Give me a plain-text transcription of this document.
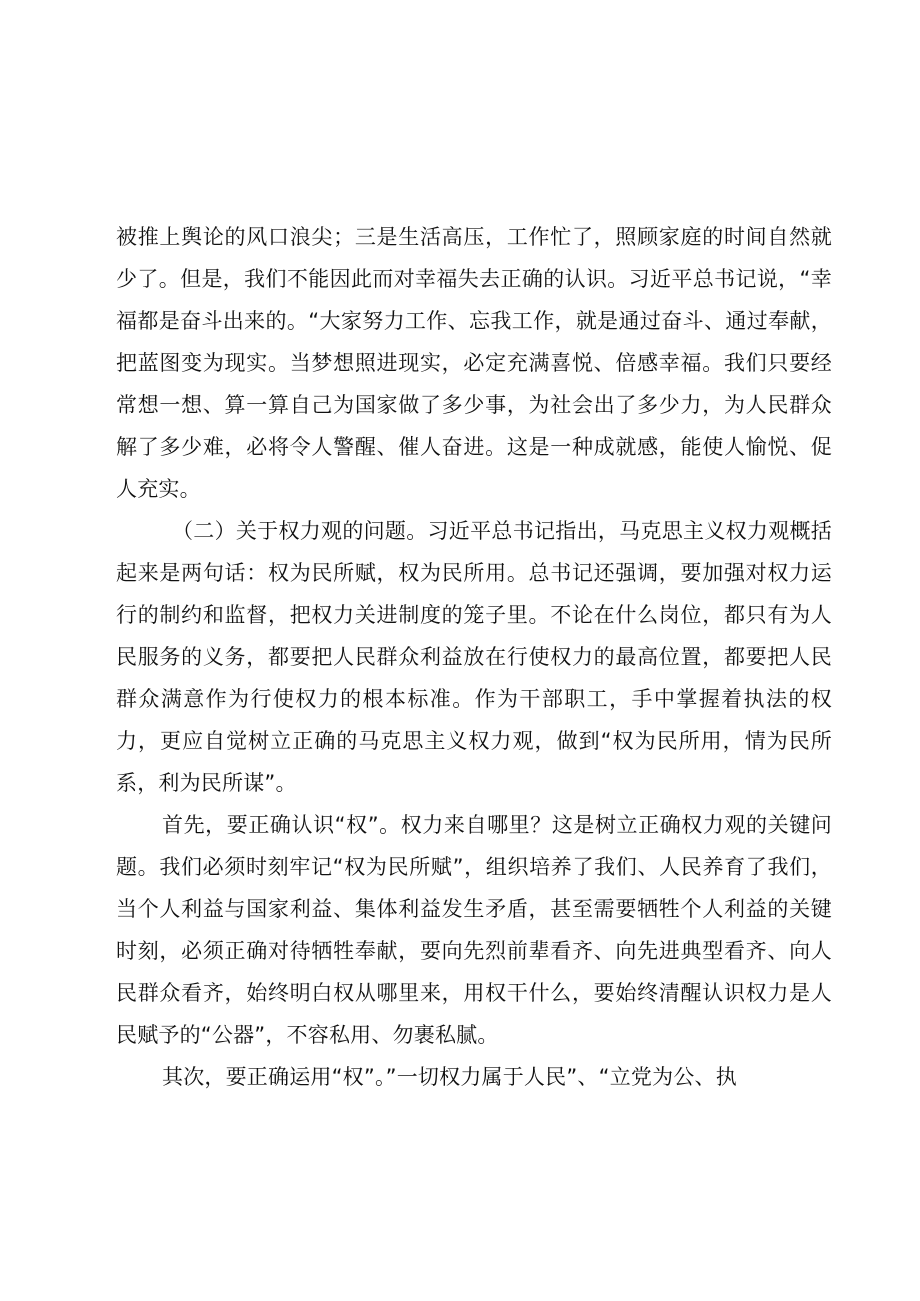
被推上舆论的风口浪尖；三是生活高压，工作忙了，照顾家庭的时间自然就少了。但是，我们不能因此而对幸福失去正确的认识。习近平总书记说，“幸福都是奋斗出来的。“大家努力工作、忘我工作，就是通过奋斗、通过奉献，把蓝图变为现实。当梦想照进现实，必定充满喜悦、倍感幸福。我们只要经常想一想、算一算自己为国家做了多少事，为社会出了多少力，为人民群众解了多少难，必将令人警醒、催人奋进。这是一种成就感，能使人愉悦、促人充实。

（二）关于权力观的问题。习近平总书记指出，马克思主义权力观概括起来是两句话：权为民所赋，权为民所用。总书记还强调，要加强对权力运行的制约和监督，把权力关进制度的笼子里。不论在什么岗位，都只有为人民服务的义务，都要把人民群众利益放在行使权力的最高位置，都要把人民群众满意作为行使权力的根本标准。作为干部职工，手中掌握着执法的权力，更应自觉树立正确的马克思主义权力观，做到“权为民所用，情为民所系，利为民所谋”。

首先，要正确认识“权”。权力来自哪里？这是树立正确权力观的关键问题。我们必须时刻牢记“权为民所赋”，组织培养了我们、人民养育了我们，当个人利益与国家利益、集体利益发生矛盾，甚至需要牺牲个人利益的关键时刻，必须正确对待牺牲奉献，要向先烈前辈看齐、向先进典型看齐、向人民群众看齐，始终明白权从哪里来，用权干什么，要始终清醒认识权力是人民赋予的“公器”，不容私用、勿裹私腻。

其次，要正确运用“权”。”一切权力属于人民”、“立党为公、执
